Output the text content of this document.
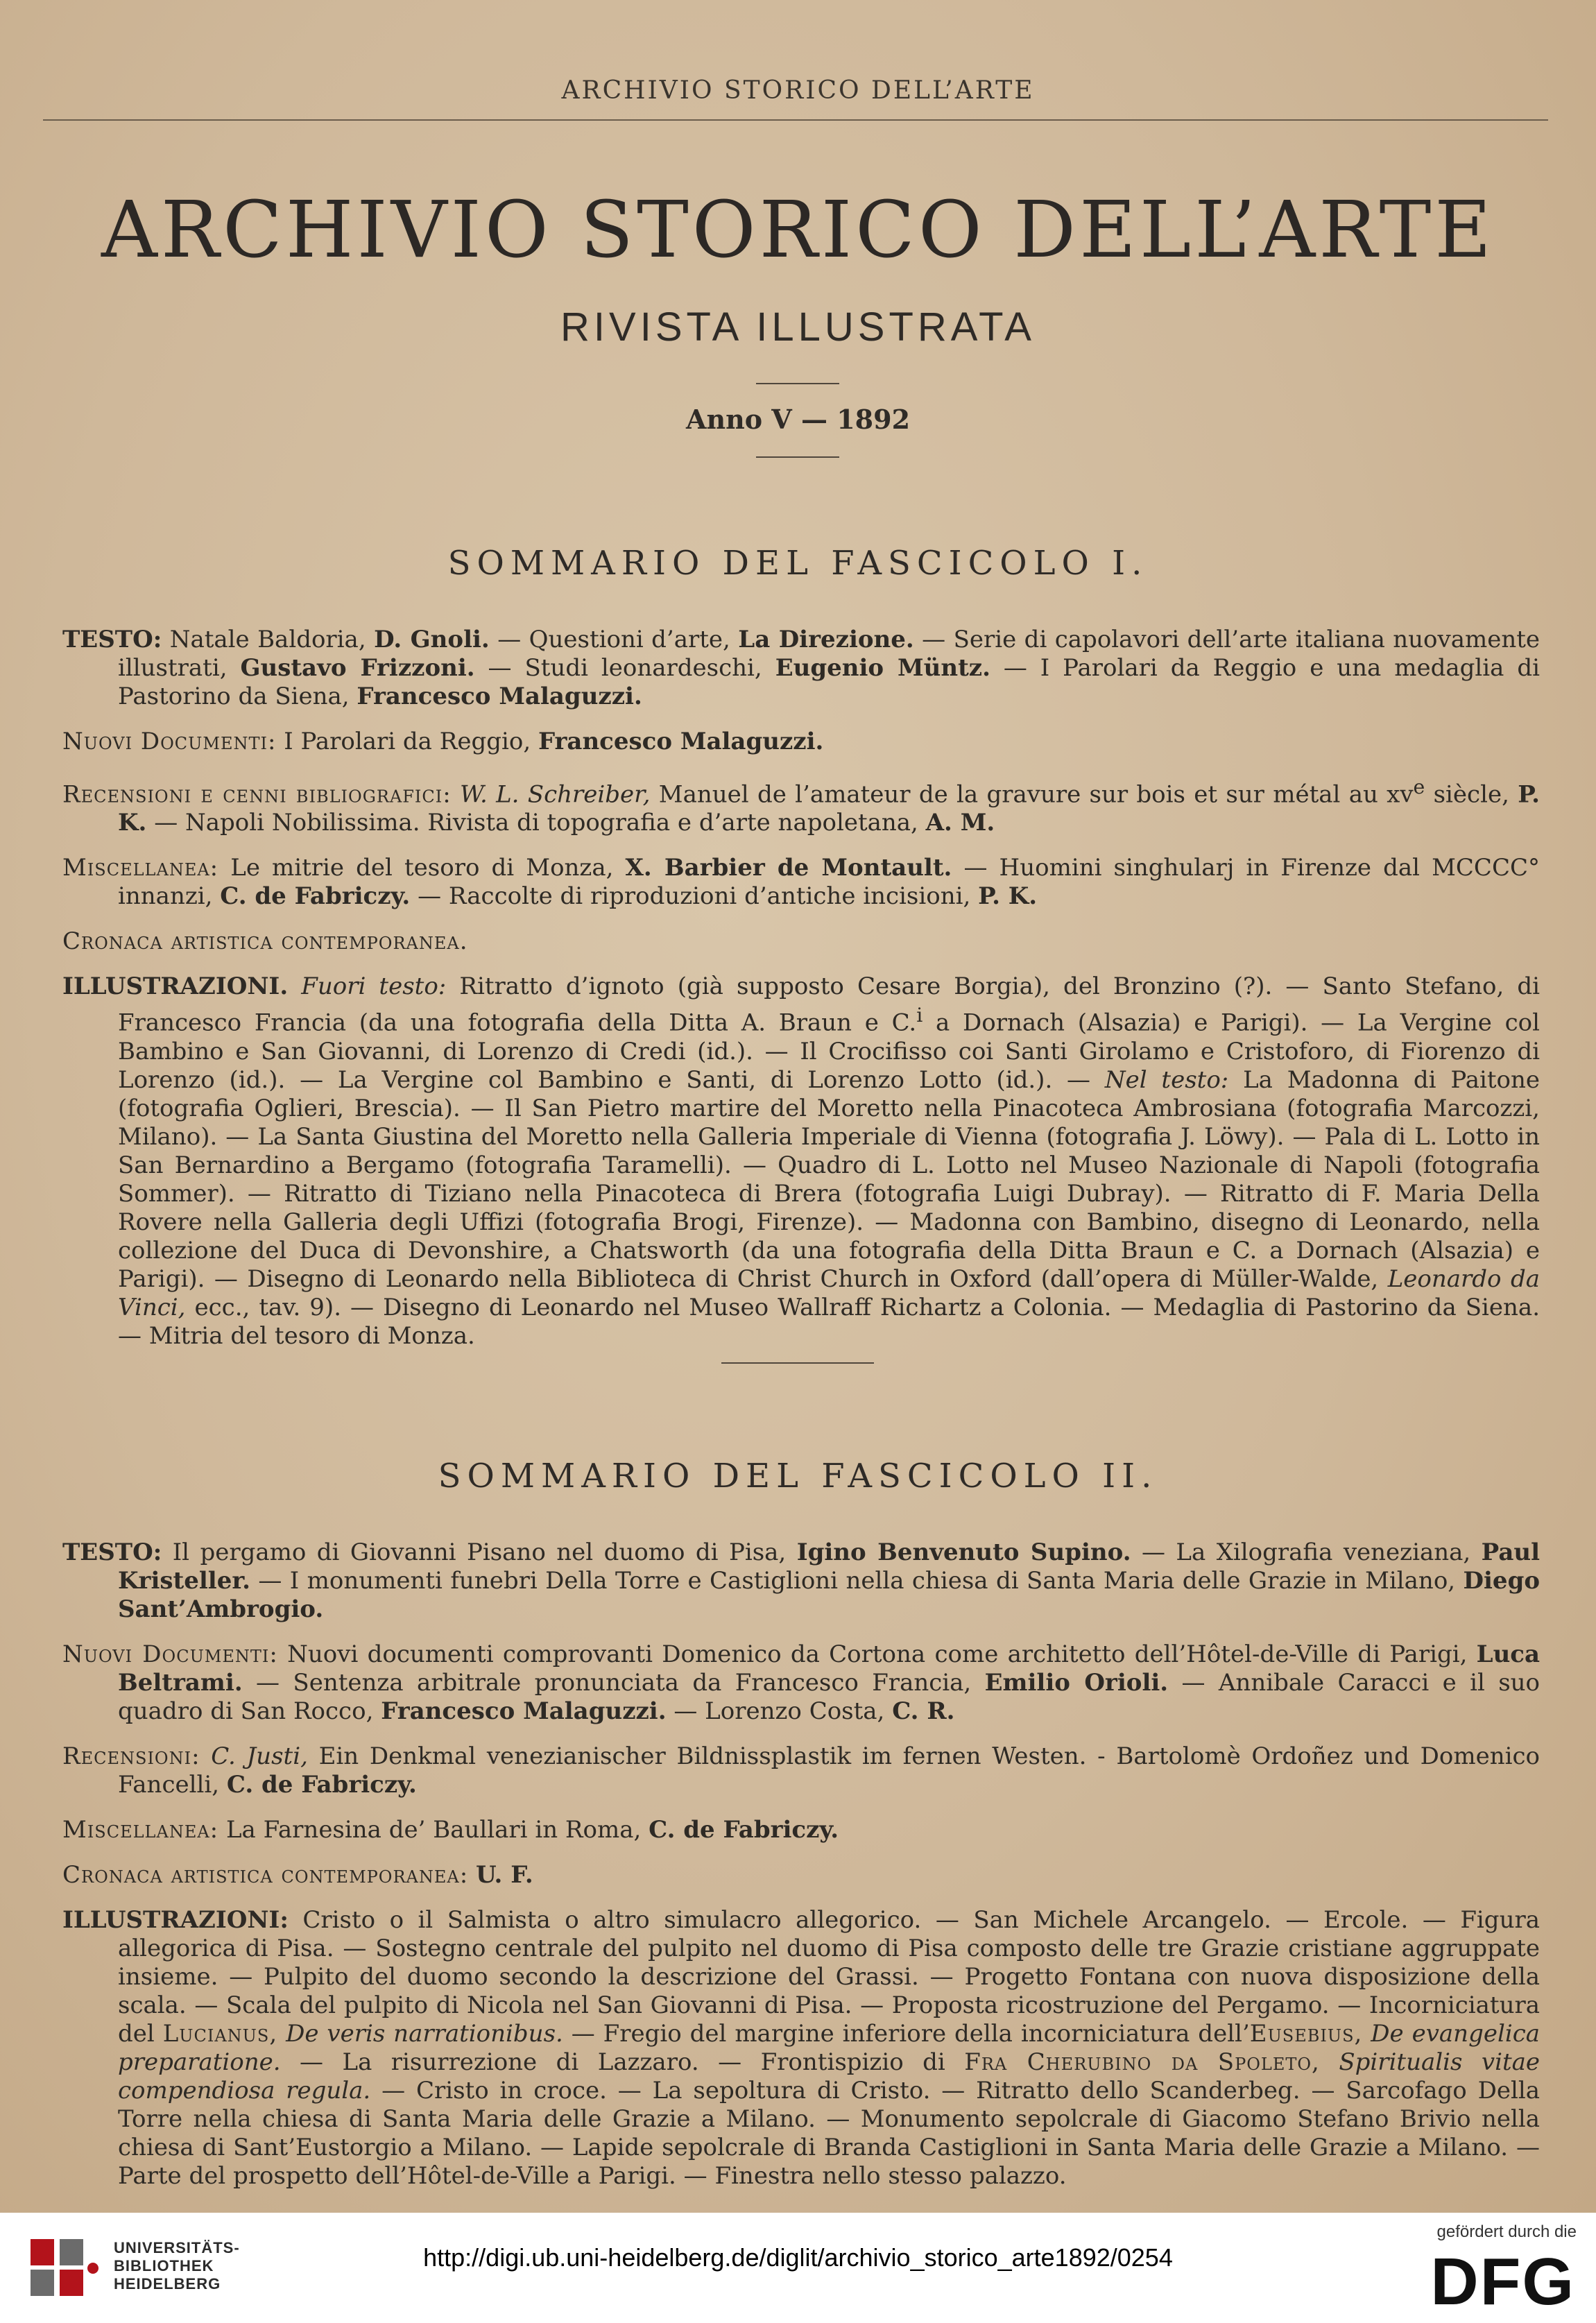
ARCHIVIO STORICO DELL’ARTE
ARCHIVIO STORICO DELL’ARTE
RIVISTA ILLUSTRATA
Anno V — 1892
SOMMARIO DEL FASCICOLO I.

TESTO: Natale Baldoria, D. Gnoli. — Questioni d’arte, La Direzione. — Serie di capolavori dell’arte italiana nuovamente illustrati, Gustavo Frizzoni. — Studi leonardeschi, Eugenio Müntz. — I Parolari da Reggio e una medaglia di Pastorino da Siena, Francesco Malaguzzi.

Nuovi Documenti: I Parolari da Reggio, Francesco Malaguzzi.

Recensioni e cenni bibliografici: W. L. Schreiber, Manuel de l’amateur de la gravure sur bois et sur métal au $xv^e$ siècle, P. K. — Napoli Nobilissima. Rivista di topografia e d’arte napoletana, A. M.

Miscellanea: Le mitrie del tesoro di Monza, X. Barbier de Montault. — Huomini singhularj in Firenze dal MCCCC° innanzi, C. de Fabriczy. — Raccolte di riproduzioni d’antiche incisioni, P. K.

Cronaca artistica contemporanea.

ILLUSTRAZIONI. Fuori testo: Ritratto d’ignoto (già supposto Cesare Borgia), del Bronzino (?). — Santo Stefano, di Francesco Francia (da una fotografia della Ditta A. Braun e C.$^i$ a Dornach (Alsazia) e Parigi). — La Vergine col Bambino e San Giovanni, di Lorenzo di Credi (id.). — Il Crocifisso coi Santi Girolamo e Cristoforo, di Fiorenzo di Lorenzo (id.). — La Vergine col Bambino e Santi, di Lorenzo Lotto (id.). — Nel testo: La Madonna di Paitone (fotografia Oglieri, Brescia). — Il San Pietro martire del Moretto nella Pinacoteca Ambrosiana (fotografia Marcozzi, Milano). — La Santa Giustina del Moretto nella Galleria Imperiale di Vienna (fotografia J. Löwy). — Pala di L. Lotto in San Bernardino a Bergamo (fotografia Taramelli). — Quadro di L. Lotto nel Museo Nazionale di Napoli (fotografia Sommer). — Ritratto di Tiziano nella Pinacoteca di Brera (fotografia Luigi Dubray). — Ritratto di F. Maria Della Rovere nella Galleria degli Uffizi (fotografia Brogi, Firenze). — Madonna con Bambino, disegno di Leonardo, nella collezione del Duca di Devonshire, a Chatsworth (da una fotografia della Ditta Braun e C. a Dornach (Alsazia) e Parigi). — Disegno di Leonardo nella Biblioteca di Christ Church in Oxford (dall’opera di Müller-Walde, Leonardo da Vinci, ecc., tav. 9). — Disegno di Leonardo nel Museo Wallraff Richartz a Colonia. — Medaglia di Pastorino da Siena. — Mitria del tesoro di Monza.

SOMMARIO DEL FASCICOLO II.

TESTO: Il pergamo di Giovanni Pisano nel duomo di Pisa, Igino Benvenuto Supino. — La Xilografia veneziana, Paul Kristeller. — I monumenti funebri Della Torre e Castiglioni nella chiesa di Santa Maria delle Grazie in Milano, Diego Sant’Ambrogio.

Nuovi Documenti: Nuovi documenti comprovanti Domenico da Cortona come architetto dell’Hôtel-de-Ville di Parigi, Luca Beltrami. — Sentenza arbitrale pronunciata da Francesco Francia, Emilio Orioli. — Annibale Caracci e il suo quadro di San Rocco, Francesco Malaguzzi. — Lorenzo Costa, C. R.

Recensioni: C. Justi, Ein Denkmal venezianischer Bildnissplastik im fernen Westen. - Bartolomè Ordoñez und Domenico Fancelli, C. de Fabriczy.

Miscellanea: La Farnesina de’ Baullari in Roma, C. de Fabriczy.

Cronaca artistica contemporanea: U. F.

ILLUSTRAZIONI: Cristo o il Salmista o altro simulacro allegorico. — San Michele Arcangelo. — Ercole. — Figura allegorica di Pisa. — Sostegno centrale del pulpito nel duomo di Pisa composto delle tre Grazie cristiane aggruppate insieme. — Pulpito del duomo secondo la descrizione del Grassi. — Progetto Fontana con nuova disposizione della scala. — Scala del pulpito di Nicola nel San Giovanni di Pisa. — Proposta ricostruzione del Pergamo. — Incorniciatura del Lucianus, De veris narrationibus. — Fregio del margine inferiore della incorniciatura dell’Eusebius, De evangelica preparatione. — La risurrezione di Lazzaro. — Frontispizio di Fra Cherubino da Spoleto, Spiritualis vitae compendiosa regula. — Cristo in croce. — La sepoltura di Cristo. — Ritratto dello Scanderbeg. — Sarcofago Della Torre nella chiesa di Santa Maria delle Grazie a Milano. — Monumento sepolcrale di Giacomo Stefano Brivio nella chiesa di Sant’Eustorgio a Milano. — Lapide sepolcrale di Branda Castiglioni in Santa Maria delle Grazie a Milano. — Parte del prospetto dell’Hôtel-de-Ville a Parigi. — Finestra nello stesso palazzo.

UNIVERSITÄTS-
BIBLIOTHEK
HEIDELBERG
http://digi.ub.uni-heidelberg.de/diglit/archivio_storico_arte1892/0254
gefördert durch die
DFG
